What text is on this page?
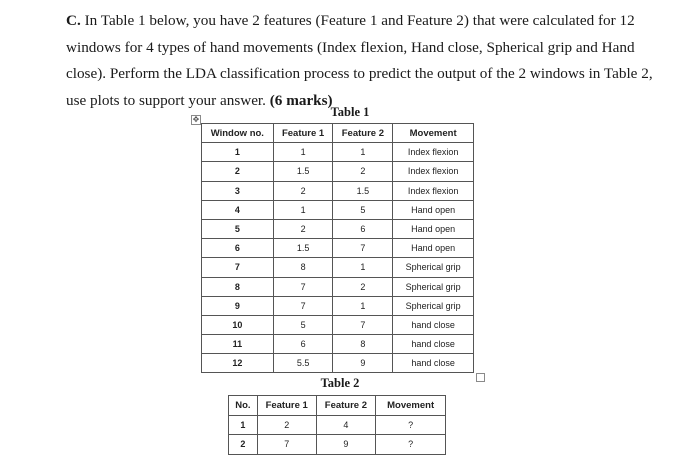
C. In Table 1 below, you have 2 features (Feature 1 and Feature 2) that were calculated for 12 windows for 4 types of hand movements (Index flexion, Hand close, Spherical grip and Hand close). Perform the LDA classification process to predict the output of the 2 windows in Table 2, use plots to support your answer. (6 marks)

Table 1
✥
Window no.	Feature 1	Feature 2	Movement
1	1	1	Index flexion
2	1.5	2	Index flexion
3	2	1.5	Index flexion
4	1	5	Hand open
5	2	6	Hand open
6	1.5	7	Hand open
7	8	1	Spherical grip
8	7	2	Spherical grip
9	7	1	Spherical grip
10	5	7	hand close
11	6	8	hand close
12	5.5	9	hand close
Table 2
No.	Feature 1	Feature 2	Movement
1	2	4	?
2	7	9	?
